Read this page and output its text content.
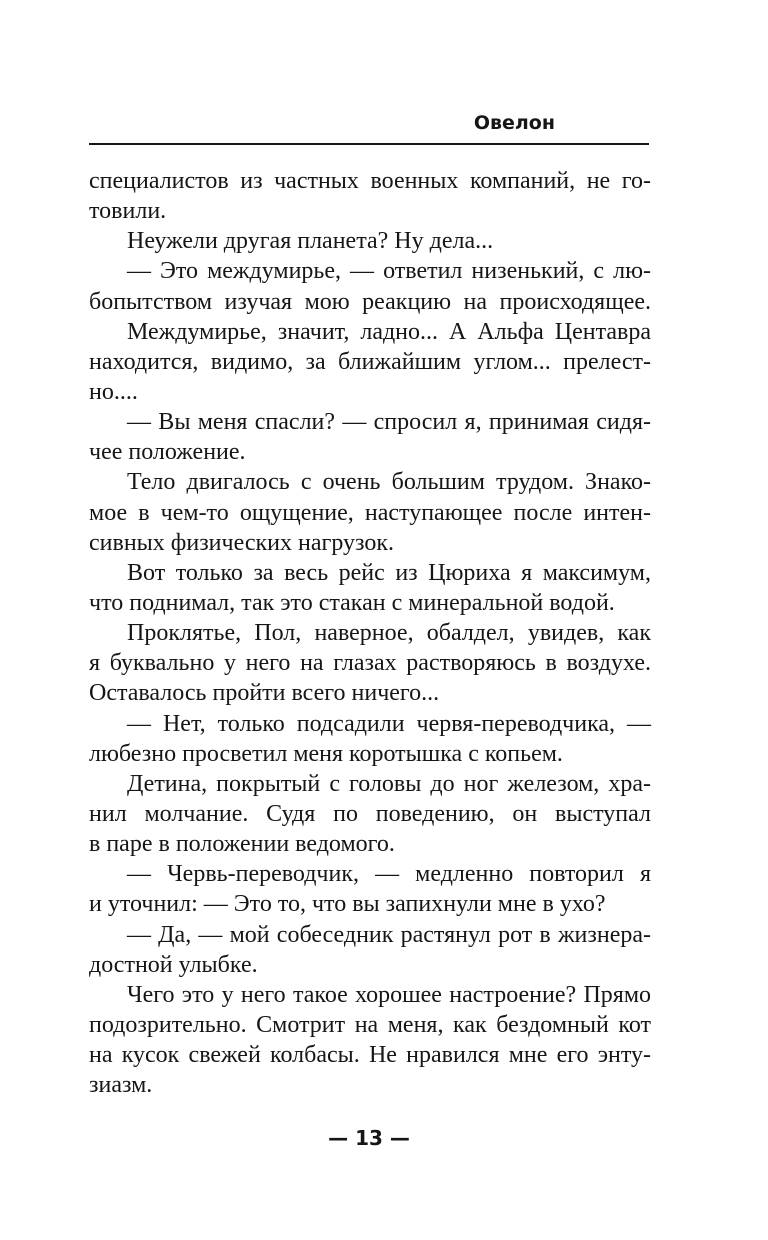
Овелон
специалистов из частных военных компаний, не го-
товили.
Неужели другая планета? Ну дела...
— Это междумирье, — ответил низенький, с лю-
бопытством изучая мою реакцию на происходящее.
Междумирье, значит, ладно... А Альфа Центавра
находится, видимо, за ближайшим углом... прелест-
но....
— Вы меня спасли? — спросил я, принимая сидя-
чее положение.
Тело двигалось с очень большим трудом. Знако-
мое в чем-то ощущение, наступающее после интен-
сивных физических нагрузок.
Вот только за весь рейс из Цюриха я максимум,
что поднимал, так это стакан с минеральной водой.
Проклятье, Пол, наверное, обалдел, увидев, как
я буквально у него на глазах растворяюсь в воздухе.
Оставалось пройти всего ничего...
— Нет, только подсадили червя-переводчика, —
любезно просветил меня коротышка с копьем.
Детина, покрытый с головы до ног железом, хра-
нил молчание. Судя по поведению, он выступал
в паре в положении ведомого.
— Червь-переводчик, — медленно повторил я
и уточнил: — Это то, что вы запихнули мне в ухо?
— Да, — мой собеседник растянул рот в жизнера-
достной улыбке.
Чего это у него такое хорошее настроение? Прямо
подозрительно. Смотрит на меня, как бездомный кот
на кусок свежей колбасы. Не нравился мне его энту-
зиазм.
— 13 —
